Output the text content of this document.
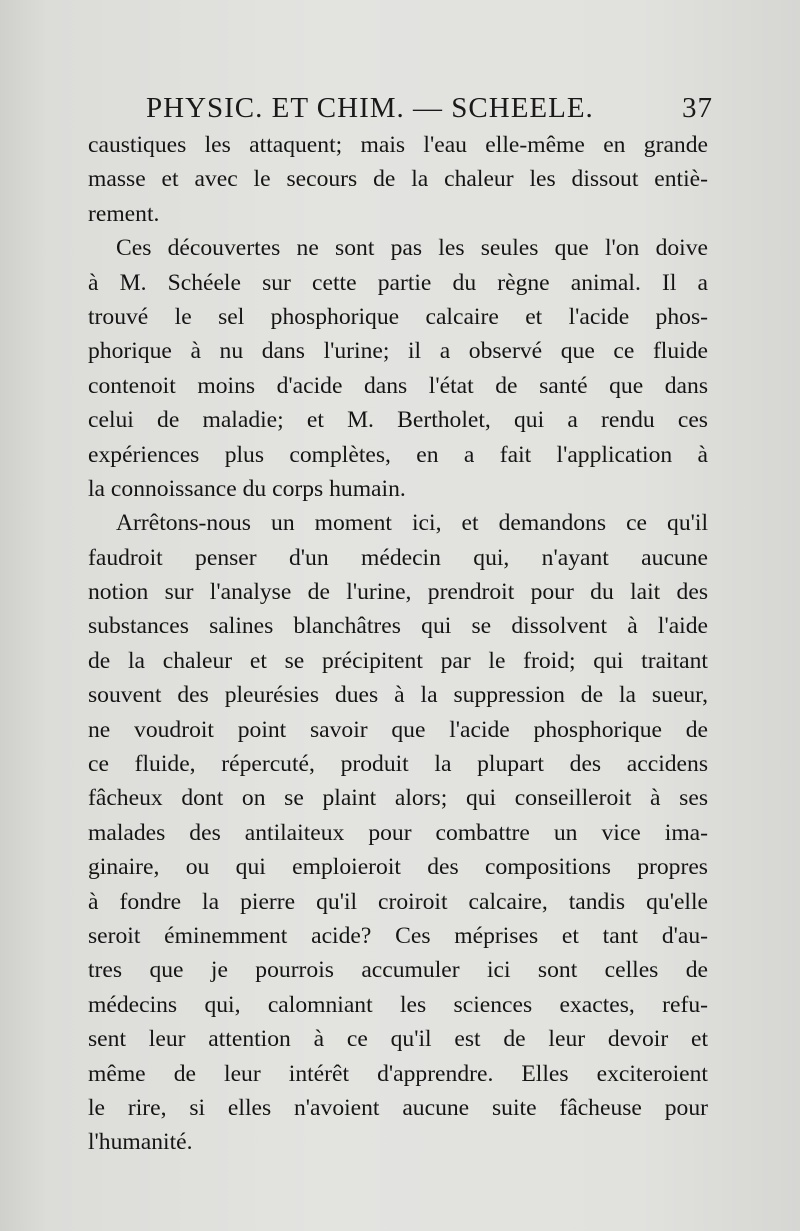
PHYSIC. ET CHIM. — SCHEELE.	37
caustiques les attaquent; mais l'eau elle-même en grande
masse et avec le secours de la chaleur les dissout entiè-
rement.
Ces découvertes ne sont pas les seules que l'on doive
à M. Schéele sur cette partie du règne animal. Il a
trouvé le sel phosphorique calcaire et l'acide phos-
phorique à nu dans l'urine; il a observé que ce fluide
contenoit moins d'acide dans l'état de santé que dans
celui de maladie; et M. Bertholet, qui a rendu ces
expériences plus complètes, en a fait l'application à
la connoissance du corps humain.
Arrêtons-nous un moment ici, et demandons ce qu'il
faudroit penser d'un médecin qui, n'ayant aucune
notion sur l'analyse de l'urine, prendroit pour du lait des
substances salines blanchâtres qui se dissolvent à l'aide
de la chaleur et se précipitent par le froid; qui traitant
souvent des pleurésies dues à la suppression de la sueur,
ne voudroit point savoir que l'acide phosphorique de
ce fluide, répercuté, produit la plupart des accidens
fâcheux dont on se plaint alors; qui conseilleroit à ses
malades des antilaiteux pour combattre un vice ima-
ginaire, ou qui emploieroit des compositions propres
à fondre la pierre qu'il croiroit calcaire, tandis qu'elle
seroit éminemment acide? Ces méprises et tant d'au-
tres que je pourrois accumuler ici sont celles de
médecins qui, calomniant les sciences exactes, refu-
sent leur attention à ce qu'il est de leur devoir et
même de leur intérêt d'apprendre. Elles exciteroient
le rire, si elles n'avoient aucune suite fâcheuse pour
l'humanité.
